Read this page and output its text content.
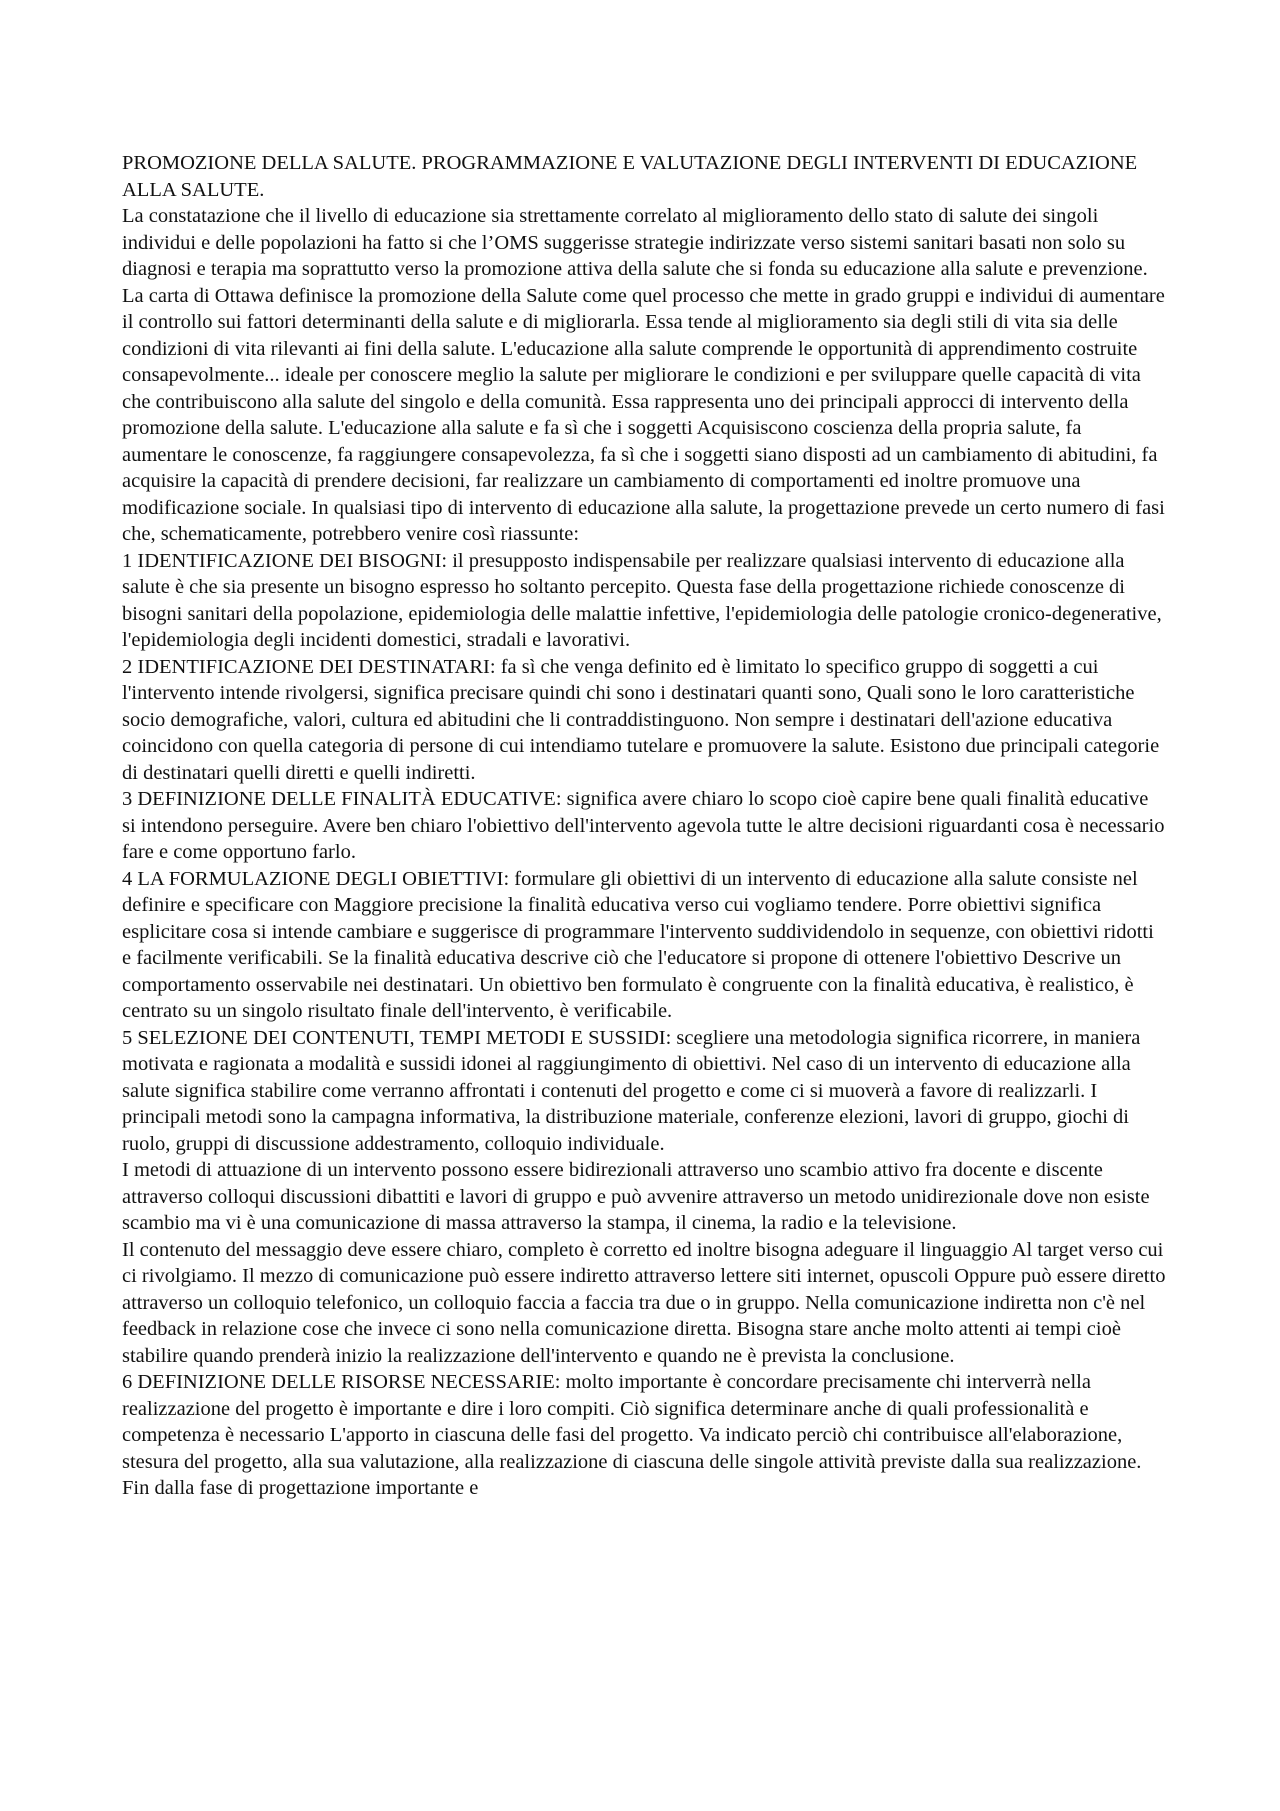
PROMOZIONE DELLA SALUTE. PROGRAMMAZIONE E VALUTAZIONE DEGLI INTERVENTI DI EDUCAZIONE ALLA SALUTE.

La constatazione che il livello di educazione sia strettamente correlato al miglioramento dello stato di salute dei singoli individui e delle popolazioni ha fatto si che l’OMS suggerisse strategie indirizzate verso sistemi sanitari basati non solo su diagnosi e terapia ma soprattutto verso la promozione attiva della salute che si fonda su educazione alla salute e prevenzione. La carta di Ottawa definisce la promozione della Salute come quel processo che mette in grado gruppi e individui di aumentare il controllo sui fattori determinanti della salute e di migliorarla. Essa tende al miglioramento sia degli stili di vita sia delle condizioni di vita rilevanti ai fini della salute. L'educazione alla salute comprende le opportunità di apprendimento costruite consapevolmente... ideale per conoscere meglio la salute per migliorare le condizioni e per sviluppare quelle capacità di vita che contribuiscono alla salute del singolo e della comunità. Essa rappresenta uno dei principali approcci di intervento della promozione della salute. L'educazione alla salute e fa sì che i soggetti Acquisiscono coscienza della propria salute, fa aumentare le conoscenze, fa raggiungere consapevolezza, fa sì che i soggetti siano disposti ad un cambiamento di abitudini, fa acquisire la capacità di prendere decisioni, far realizzare un cambiamento di comportamenti ed inoltre promuove una modificazione sociale. In qualsiasi tipo di intervento di educazione alla salute, la progettazione prevede un certo numero di fasi che, schematicamente, potrebbero venire così riassunte:

1 IDENTIFICAZIONE DEI BISOGNI: il presupposto indispensabile per realizzare qualsiasi intervento di educazione alla salute è che sia presente un bisogno espresso ho soltanto percepito. Questa fase della progettazione richiede conoscenze di bisogni sanitari della popolazione, epidemiologia delle malattie infettive, l'epidemiologia delle patologie cronico-degenerative, l'epidemiologia degli incidenti domestici, stradali e lavorativi.

2 IDENTIFICAZIONE DEI DESTINATARI: fa sì che venga definito ed è limitato lo specifico gruppo di soggetti a cui l'intervento intende rivolgersi, significa precisare quindi chi sono i destinatari quanti sono, Quali sono le loro caratteristiche socio demografiche, valori, cultura ed abitudini che li contraddistinguono. Non sempre i destinatari dell'azione educativa coincidono con quella categoria di persone di cui intendiamo tutelare e promuovere la salute. Esistono due principali categorie di destinatari quelli diretti e quelli indiretti.

3 DEFINIZIONE DELLE FINALITÀ EDUCATIVE: significa avere chiaro lo scopo cioè capire bene quali finalità educative si intendono perseguire. Avere ben chiaro l'obiettivo dell'intervento agevola tutte le altre decisioni riguardanti cosa è necessario fare e come opportuno farlo.

4 LA FORMULAZIONE DEGLI OBIETTIVI: formulare gli obiettivi di un intervento di educazione alla salute consiste nel definire e specificare con Maggiore precisione la finalità educativa verso cui vogliamo tendere. Porre obiettivi significa esplicitare cosa si intende cambiare e suggerisce di programmare l'intervento suddividendolo in sequenze, con obiettivi ridotti e facilmente verificabili. Se la finalità educativa descrive ciò che l'educatore si propone di ottenere l'obiettivo Descrive un comportamento osservabile nei destinatari. Un obiettivo ben formulato è congruente con la finalità educativa, è realistico, è centrato su un singolo risultato finale dell'intervento, è verificabile.

5 SELEZIONE DEI CONTENUTI, TEMPI METODI E SUSSIDI: scegliere una metodologia significa ricorrere, in maniera motivata e ragionata a modalità e sussidi idonei al raggiungimento di obiettivi. Nel caso di un intervento di educazione alla salute significa stabilire come verranno affrontati i contenuti del progetto e come ci si muoverà a favore di realizzarli. I principali metodi sono la campagna informativa, la distribuzione materiale, conferenze elezioni, lavori di gruppo, giochi di ruolo, gruppi di discussione addestramento, colloquio individuale.

I metodi di attuazione di un intervento possono essere bidirezionali attraverso uno scambio attivo fra docente e discente attraverso colloqui discussioni dibattiti e lavori di gruppo e può avvenire attraverso un metodo unidirezionale dove non esiste scambio ma vi è una comunicazione di massa attraverso la stampa, il cinema, la radio e la televisione.

Il contenuto del messaggio deve essere chiaro, completo è corretto ed inoltre bisogna adeguare il linguaggio Al target verso cui ci rivolgiamo. Il mezzo di comunicazione può essere indiretto attraverso lettere siti internet, opuscoli Oppure può essere diretto attraverso un colloquio telefonico, un colloquio faccia a faccia tra due o in gruppo. Nella comunicazione indiretta non c'è nel feedback in relazione cose che invece ci sono nella comunicazione diretta. Bisogna stare anche molto attenti ai tempi cioè stabilire quando prenderà inizio la realizzazione dell'intervento e quando ne è prevista la conclusione.

6 DEFINIZIONE DELLE RISORSE NECESSARIE: molto importante è concordare precisamente chi interverrà nella realizzazione del progetto è importante e dire i loro compiti. Ciò significa determinare anche di quali professionalità e competenza è necessario L'apporto in ciascuna delle fasi del progetto. Va indicato perciò chi contribuisce all'elaborazione, stesura del progetto, alla sua valutazione, alla realizzazione di ciascuna delle singole attività previste dalla sua realizzazione. Fin dalla fase di progettazione importante e
